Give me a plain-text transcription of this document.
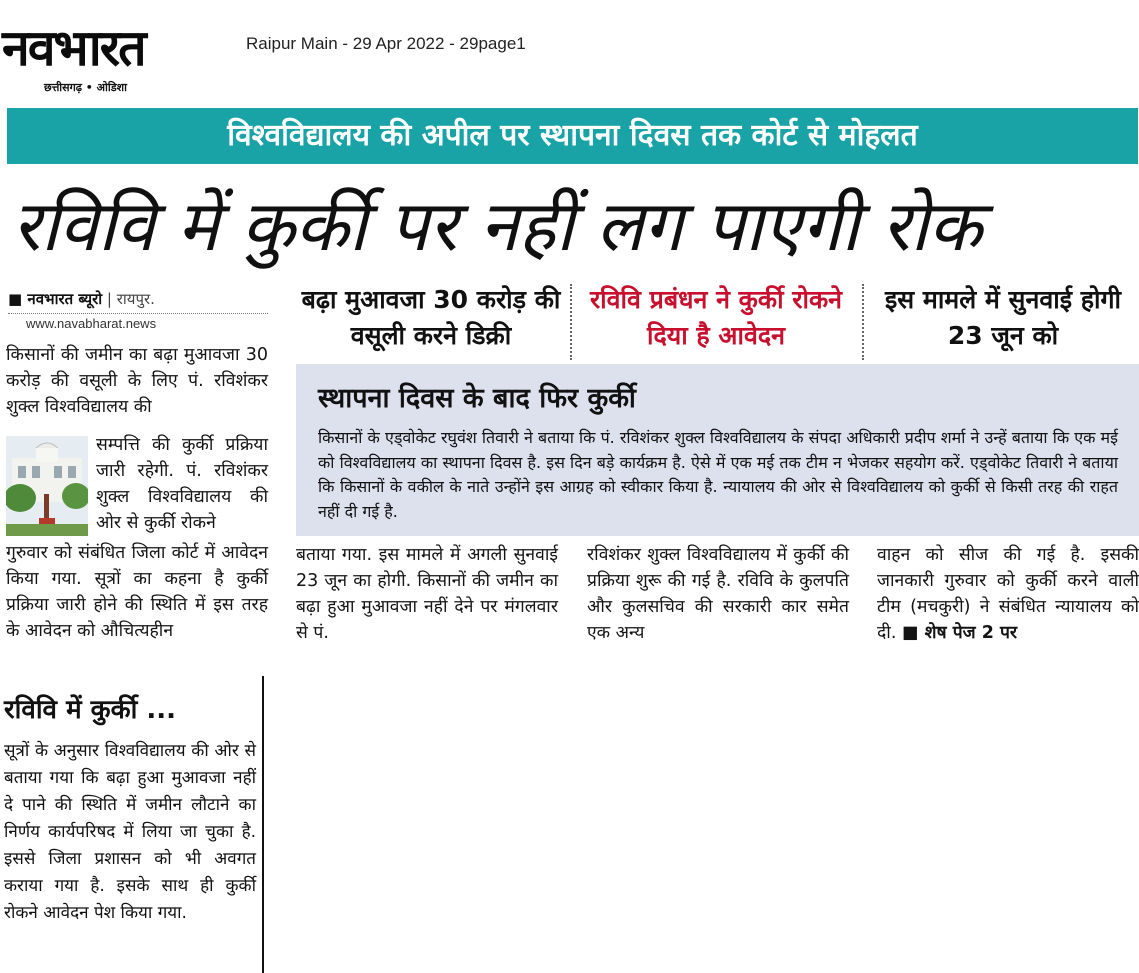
नवभारत
छत्तीसगढ़ • ओडिशा
Raipur Main - 29 Apr 2022 - 29page1
विश्वविद्यालय की अपील पर स्थापना दिवस तक कोर्ट से मोहलत
रविवि में कुर्की पर नहीं लग पाएगी रोक
■ नवभारत ब्यूरो | रायपुर.
www.navabharat.news
किसानों की जमीन का बढ़ा मुआवजा 30 करोड़ की वसूली के लिए पं. रविशंकर शुक्ल विश्वविद्यालय की
सम्पत्ति की कुर्की प्रक्रिया जारी रहेगी. पं. रविशंकर शुक्ल विश्वविद्यालय की ओर से कुर्की रोकने
गुरुवार को संबंधित जिला कोर्ट में आवेदन किया गया. सूत्रों का कहना है कुर्की प्रक्रिया जारी होने की स्थिति में इस तरह के आवेदन को औचित्यहीन
बढ़ा मुआवजा 30 करोड़ की वसूली करने डिक्री
रविवि प्रबंधन ने कुर्की रोकने दिया है आवेदन
इस मामले में सुनवाई होगी 23 जून को
स्थापना दिवस के बाद फिर कुर्की
किसानों के एड्वोकेट रघुवंश तिवारी ने बताया कि पं. रविशंकर शुक्ल विश्वविद्यालय के संपदा अधिकारी प्रदीप शर्मा ने उन्हें बताया कि एक मई को विश्वविद्यालय का स्थापना दिवस है. इस दिन बड़े कार्यक्रम है. ऐसे में एक मई तक टीम न भेजकर सहयोग करें. एड्वोकेट तिवारी ने बताया कि किसानों के वकील के नाते उन्होंने इस आग्रह को स्वीकार किया है. न्यायालय की ओर से विश्वविद्यालय को कुर्की से किसी तरह की राहत नहीं दी गई है.
बताया गया. इस मामले में अगली सुनवाई 23 जून का होगी. किसानों की जमीन का बढ़ा हुआ मुआवजा नहीं देने पर मंगलवार से पं.
रविशंकर शुक्ल विश्वविद्यालय में कुर्की की प्रक्रिया शुरू की गई है. रविवि के कुलपति और कुलसचिव की सरकारी कार समेत एक अन्य
वाहन को सीज की गई है. इसकी जानकारी गुरुवार को कुर्की करने वाली टीम (मचकुरी) ने संबंधित न्यायालय को दी. ■ शेष पेज 2 पर
रविवि में कुर्की ...
सूत्रों के अनुसार विश्वविद्यालय की ओर से बताया गया कि बढ़ा हुआ मुआवजा नहीं दे पाने की स्थिति में जमीन लौटाने का निर्णय कार्यपरिषद में लिया जा चुका है. इससे जिला प्रशासन को भी अवगत कराया गया है. इसके साथ ही कुर्की रोकने आवेदन पेश किया गया.
